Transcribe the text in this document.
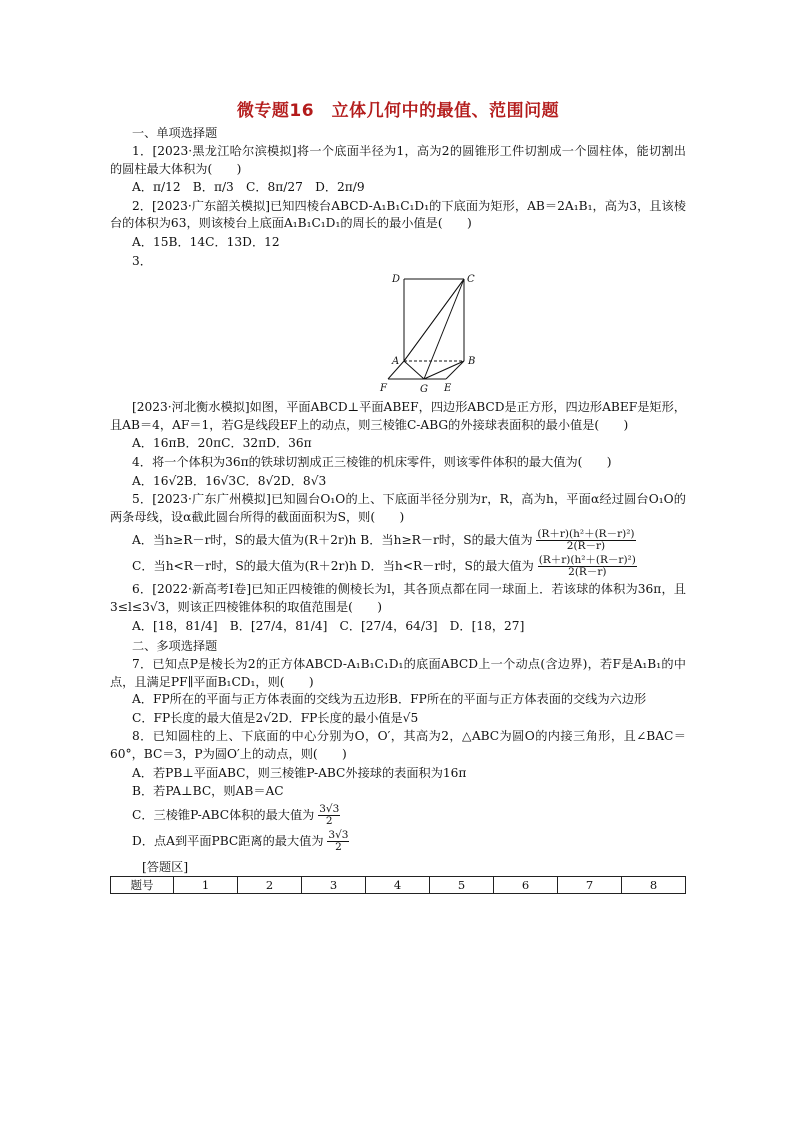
微专题16　立体几何中的最值、范围问题
一、单项选择题

1．[2023·黑龙江哈尔滨模拟]将一个底面半径为1，高为2的圆锥形工件切割成一个圆柱体，能切割出的圆柱最大体积为(　　)

A．π/12　B．π/3　C．8π/27　D．2π/9

2．[2023·广东韶关模拟]已知四棱台ABCD-A₁B₁C₁D₁的下底面为矩形，AB＝2A₁B₁，高为3，且该棱台的体积为63，则该棱台上底面A₁B₁C₁D₁的周长的最小值是(　　)

A．15B．14C．13D．12
3．
D	C
A	B
F	G E

[2023·河北衡水模拟]如图，平面ABCD⊥平面ABEF，四边形ABCD是正方形，四边形ABEF是矩形，且AB＝4，AF＝1，若G是线段EF上的动点，则三棱锥C-ABG的外接球表面积的最小值是(　　)

A．16πB．20πC．32πD．36π

4．将一个体积为36π的铁球切割成正三棱锥的机床零件，则该零件体积的最大值为(　　)

A．16√2B．16√3C．8√2D．8√3

5．[2023·广东广州模拟]已知圆台O₁O的上、下底面半径分别为r，R，高为h，平面α经过圆台O₁O的两条母线，设α截此圆台所得的截面面积为S，则(　　)

A．当h≥R－r时，S的最大值为(R＋2r)h B．当h≥R－r时，S的最大值为 $\frac{\text{(R＋r)(h²＋(R－r)²)}}{2(R-r)}$
C．当h<R－r时，S的最大值为(R＋2r)h D．当h<R－r时，S的最大值为 $\frac{\text{(R＋r)(h²＋(R－r)²)}}{2(R-r)}$

6．[2022·新高考Ⅰ卷]已知正四棱锥的侧棱长为l，其各顶点都在同一球面上．若该球的体积为36π，且3≤l≤3√3，则该正四棱锥体积的取值范围是(　　)

A．[18，81/4]　B．[27/4，81/4]　C．[27/4，64/3]　D．[18，27]
二、多项选择题

7．已知点P是棱长为2的正方体ABCD-A₁B₁C₁D₁的底面ABCD上一个动点(含边界)，若F是A₁B₁的中点，且满足PF∥平面B₁CD₁，则(　　)

A．FP所在的平面与正方体表面的交线为五边形B．FP所在的平面与正方体表面的交线为六边形

C．FP长度的最大值是2√2D．FP长度的最小值是√5

8．已知圆柱的上、下底面的中心分别为O，O′，其高为2，△ABC为圆O的内接三角形，且∠BAC＝60°，BC＝3，P为圆O′上的动点，则(　　)

A．若PB⊥平面ABC，则三棱锥P-ABC外接球的表面积为16π
B．若PA⊥BC，则AB＝AC
C．三棱锥P-ABC体积的最大值为 $\frac{3√3}{2}$
D．点A到平面PBC距离的最大值为 $\frac{3√3}{2}$
[答题区]
题号	1	2	3	4	5	6	7	8
